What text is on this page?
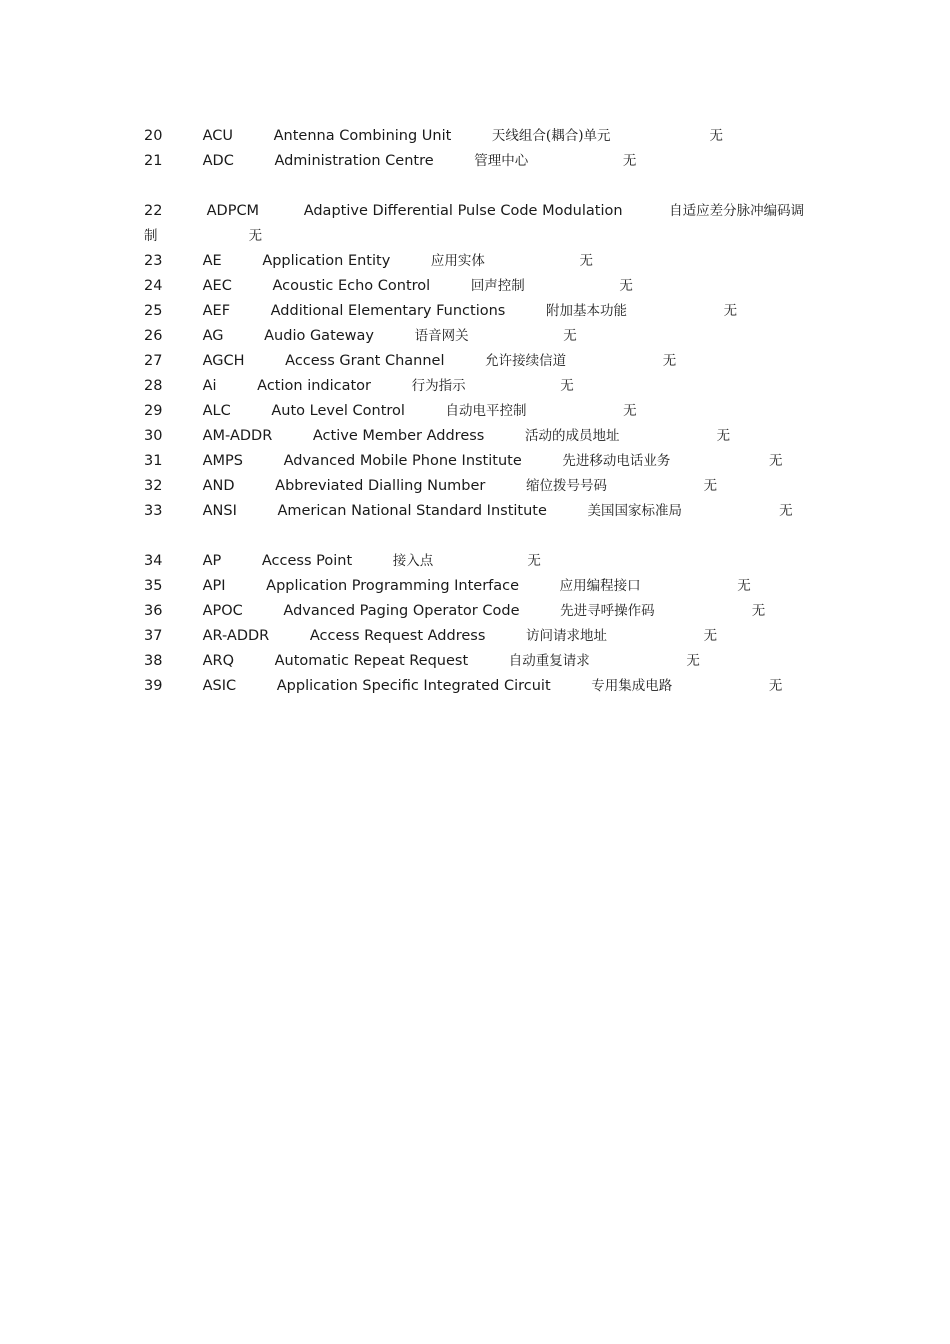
20	ACU	Antenna Combining Unit	天线组合(耦合)单元	无
21	ADC	Administration Centre	管理中心	无
22	ADPCM	Adaptive Differential Pulse Code Modulation	自适应差分脉冲编码调
制	无
23	AE	Application Entity	应用实体	无
24	AEC	Acoustic Echo Control	回声控制	无
25	AEF	Additional Elementary Functions	附加基本功能	无
26	AG	Audio Gateway	语音网关	无
27	AGCH	Access Grant Channel	允许接续信道	无
28	Ai	Action indicator	行为指示	无
29	ALC	Auto Level Control	自动电平控制	无
30	AM-ADDR	Active Member Address	活动的成员地址	无
31	AMPS	Advanced Mobile Phone Institute	先进移动电话业务	无
32	AND	Abbreviated Dialling Number	缩位拨号号码	无
33	ANSI	American National Standard Institute	美国国家标准局	无
34	AP	Access Point	接入点	无
35	API	Application Programming Interface	应用编程接口	无
36	APOC	Advanced Paging Operator Code	先进寻呼操作码	无
37	AR-ADDR	Access Request Address	访问请求地址	无
38	ARQ	Automatic Repeat Request	自动重复请求	无
39	ASIC	Application Specific Integrated Circuit	专用集成电路	无
